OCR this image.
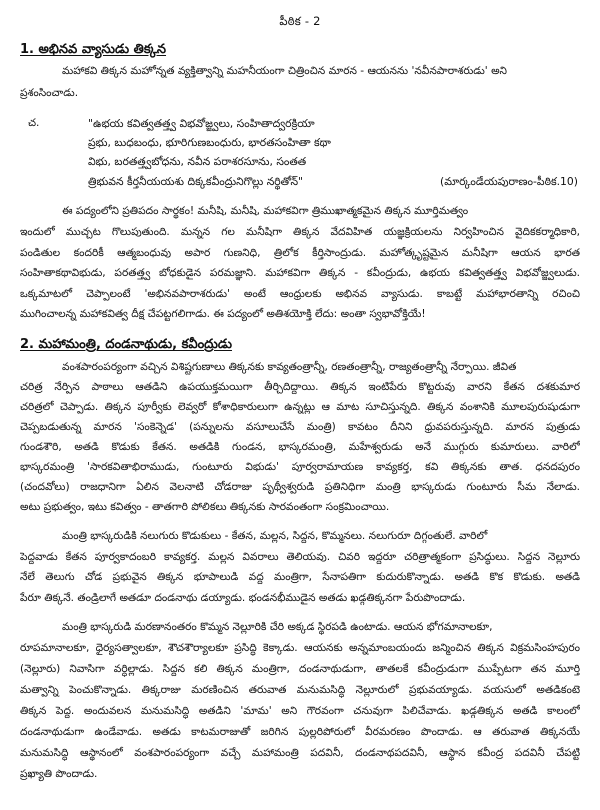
పీఠిక - 2
1. అభినవ వ్యాసుడు తిక్కన
మహాకవి తిక్కన మహోన్నత వ్యక్తిత్వాన్ని మహనీయంగా చిత్రించిన మారన - ఆయనను 'నవీనపారాశరుడు' అని
ప్రశంసించాడు.
చ.	"ఉభయ కవిత్వతత్త్వ విభవోజ్జ్వలు, సంహితాద్వరక్రియా
ప్రభు, బుధబంధు, భూరిగుణబంధురు, భారతసంహితా కథా
విభు, బరతత్త్వబోధను, నవీన పరాశరసూను, సంతత
త్రిభువన కీర్తనీయయశు దిక్కకవీంద్రునిగొల్లు నర్థితోన్"	(మార్కండేయపురాణం-పీఠిక.10)
ఈ పద్యంలోని ప్రతిపదం సార్థకం! మనీషి, మనీషి, మహాకవిగా త్రిముఖాత్మకమైన తిక్కన మూర్తిమత్వం
ఇందులో ముచ్చట గొలుపుతుంది. మన్నన గల మనీషిగా తిక్కన వేదవిహిత యజ్ఞక్రియలను నిర్వహించిన వైదికకర్మాధికారి,
పండితుల కందరికీ ఆత్మబంధువు అపార గుణనిధి, త్రిలోక కీర్తిసాంద్రుడు. మహోత్కృష్టమైన మనీషిగా ఆయన భారత
సంహితాకథావిభుడు, పరతత్త్వ బోధకుడైన పరమజ్ఞాని. మహాకవిగా తిక్కన - కవీంద్రుడు, ఉభయ కవిత్వతత్త్వ విభవోజ్జ్వలుడు.
ఒక్కమాటలో చెప్పాలంటే 'అభినవపారాశరుడు' అంటే ఆంధ్రులకు అభినవ వ్యాసుడు. కాబట్టే మహాభారతాన్ని రచించి
ముగించాలన్న మహాకవిత్వ దీక్ష చేపట్టగలిగాడు. ఈ పద్యంలో అతిశయోక్తి లేదు: అంతా స్వభావోక్తియే!
2. మహామంత్రి, దండనాథుడు, కవీంద్రుడు
వంశపారంపర్యంగా వచ్చిన విశిష్టగుణాలు తిక్కనకు కావ్యతంత్రాన్నీ, రణతంత్రాన్నీ, రాజ్యతంత్రాన్నీ నేర్పాయి. జీవిత
చరిత్ర నేర్పిన పాఠాలు ఆతడిని ఉపయుక్తమయిగా తీర్చిదిద్దాయి. తిక్కన ఇంటిపేరు కొట్టరువు వారని కేతన దశకుమార
చరిత్రలో చెప్పాడు. తిక్కన పూర్వీకు లెవ్వరో కోశాధికారులుగా ఉన్నట్లు ఆ మాట సూచిస్తున్నది. తిక్కన వంశానికి మూలపురుషుడుగా
చెప్పబడుతున్న మారన 'సంకెన్నెడ' (పన్నులను వసూలుచేసే మంత్రి) కావటం దీనిని ధ్రువపరుస్తున్నది. మారన పుత్రుడు
గుండశౌరి, అతడి కొడుకు కేతన. అతడికి గుండన, భాస్కరమంత్రి, మహేశ్వరుడు అనే ముగ్గురు కుమారులు. వారిలో
భాస్కరమంత్రి 'సారకవితాభిరాముడు, గుంటూరు విభుడు' పూర్వరామాయణ కావ్యకర్త, కవి తిక్కనకు తాత. ధనదపురం
(చందవోలు) రాజధానిగా ఏలిన వెలనాటి చోడరాజు పృథ్వీశ్వరుడి ప్రతినిధిగా మంత్రి భాస్కరుడు గుంటూరు సీమ నేలాడు.
అటు ప్రభుత్వం, ఇటు కవిత్వం - తాతగారి పోలికలు తిక్కనకు సారవంతంగా సంక్రమించాయి.
మంత్రి భాస్కరుడికి నలుగురు కొడుకులు - కేతన, మల్లన, సిద్దన, కొమ్మనలు. నలుగురూ దిగ్గంతులే. వారిలో
పెద్దవాడు కేతన పూర్వకాదంబరి కావ్యకర్త. మల్లన వివరాలు తెలియవు. చివరి ఇద్దరూ చరిత్రాత్మకంగా ప్రసిద్ధులు. సిద్దన నెల్లూరు
నేలే తెలుగు చోడ ప్రభువైన తిక్కన భూపాలుడి వద్ద మంత్రిగా, సేనాపతిగా కుదురుకొన్నాడు. అతడి కొక కొడుకు. అతడి
పేరూ తిక్కనే. తండ్రిలాగే అతడూ దండనాథు డయ్యాడు. భండనభీముడైన అతడు ఖడ్గతిక్కనగా పేరుపొందాడు.
మంత్రి భాస్కరుడి మరణానంతరం కొమ్మన నెల్లూరికి చేరి అక్కడ స్థిరపడి ఉంటాడు. ఆయన భోగమానాలకూ,
రూపమానాలకూ, ధైర్యసత్వాలకూ, శౌచశౌర్యాలకూ ప్రసిద్ధి కెక్కాడు. ఆయనకు అన్నమాంబయందు జన్మించిన తిక్కన విక్రమసింహపురం
(నెల్లూరు) నివాసిగా వర్ధిల్లాడు. సిద్దన కలి తిక్కన మంత్రిగా, దండనాథుడుగా, తాతలకే కవీంద్రుడుగా ముప్పేటగా తన మూర్తి
మత్వాన్ని పెంచుకొన్నాడు. తిక్కరాజు మరణించిన తరువాత మనుమసిద్ధి నెల్లూరులో ప్రభువయ్యాడు. వయసులో అతడికంటె
తిక్కన పెద్ద. అందువలన మనుమసిద్ధి అతడిని 'మామ' అని గౌరవంగా చనువుగా పిలిచేవాడు. ఖడ్గతిక్కన అతడి కాలంలో
దండనాథుడుగా ఉండేవాడు. అతడు కాటమరాజుతో జరిగిన పుల్లరిపోరులో వీరమరణం పొందాడు. ఆ తరువాత తిక్కనయే
మనుమసిద్ధి ఆస్థానంలో వంశపారంపర్యంగా వచ్చే మహామంత్రి పదవినీ, దండనాథపదవినీ, ఆస్థాన కవీంద్ర పదవినీ చేపట్టి
ప్రఖ్యాతి పొందాడు.
